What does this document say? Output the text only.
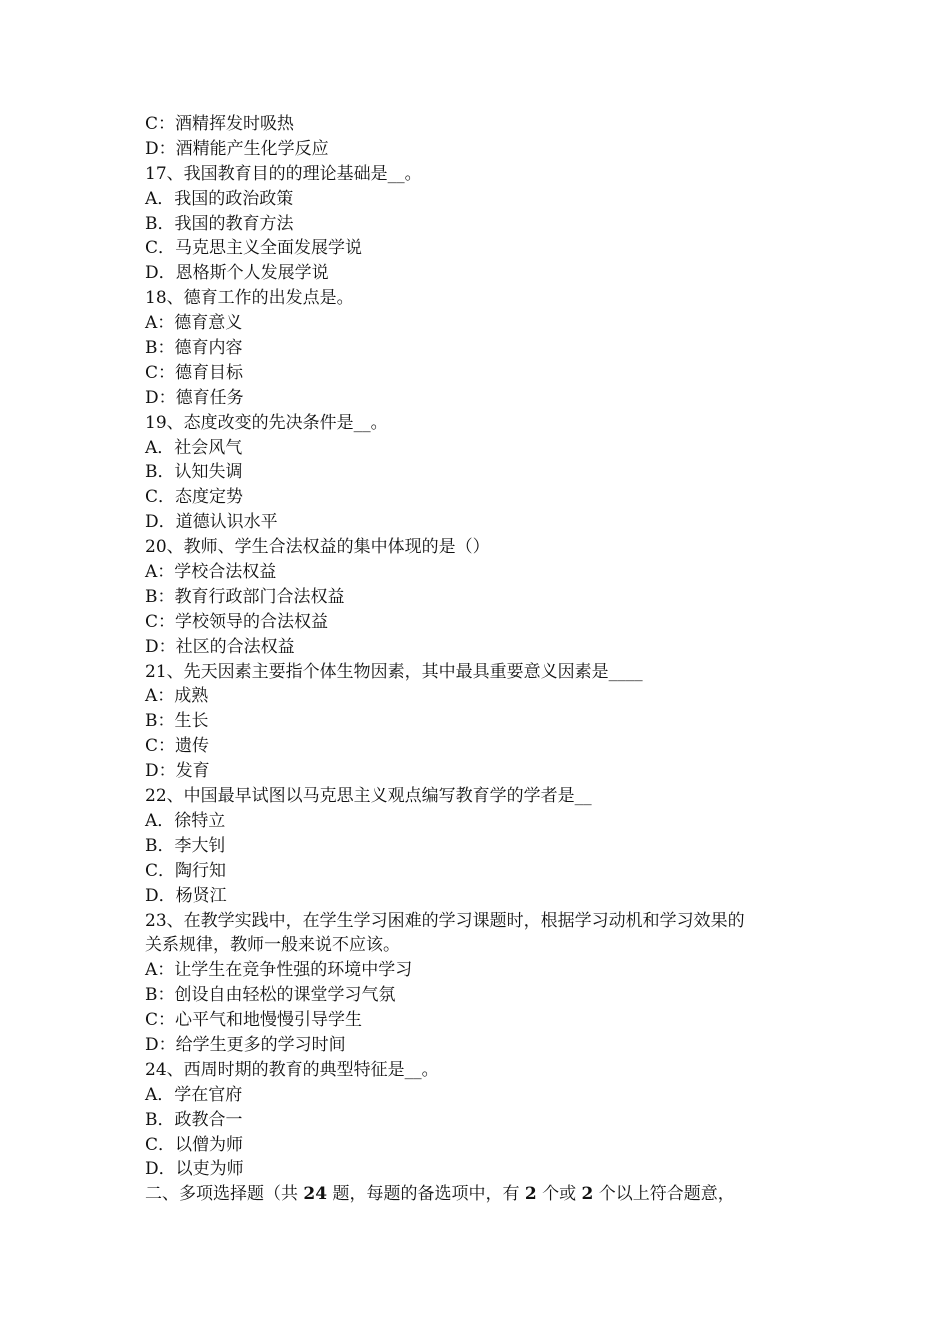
C：酒精挥发时吸热
D：酒精能产生化学反应
17、我国教育目的的理论基础是__。
A．我国的政治政策
B．我国的教育方法
C．马克思主义全面发展学说
D．恩格斯个人发展学说
18、德育工作的出发点是。
A：德育意义
B：德育内容
C：德育目标
D：德育任务
19、态度改变的先决条件是__。
A．社会风气
B．认知失调
C．态度定势
D．道德认识水平
20、教师、学生合法权益的集中体现的是（）
A：学校合法权益
B：教育行政部门合法权益
C：学校领导的合法权益
D：社区的合法权益
21、先天因素主要指个体生物因素，其中最具重要意义因素是____
A：成熟
B：生长
C：遗传
D：发育
22、中国最早试图以马克思主义观点编写教育学的学者是__
A．徐特立
B．李大钊
C．陶行知
D．杨贤江
23、在教学实践中，在学生学习困难的学习课题时，根据学习动机和学习效果的
关系规律，教师一般来说不应该。
A：让学生在竞争性强的环境中学习
B：创设自由轻松的课堂学习气氛
C：心平气和地慢慢引导学生
D：给学生更多的学习时间
24、西周时期的教育的典型特征是__。
A．学在官府
B．政教合一
C．以僧为师
D．以吏为师
二、多项选择题（共 24 题，每题的备选项中，有 2 个或 2 个以上符合题意，
